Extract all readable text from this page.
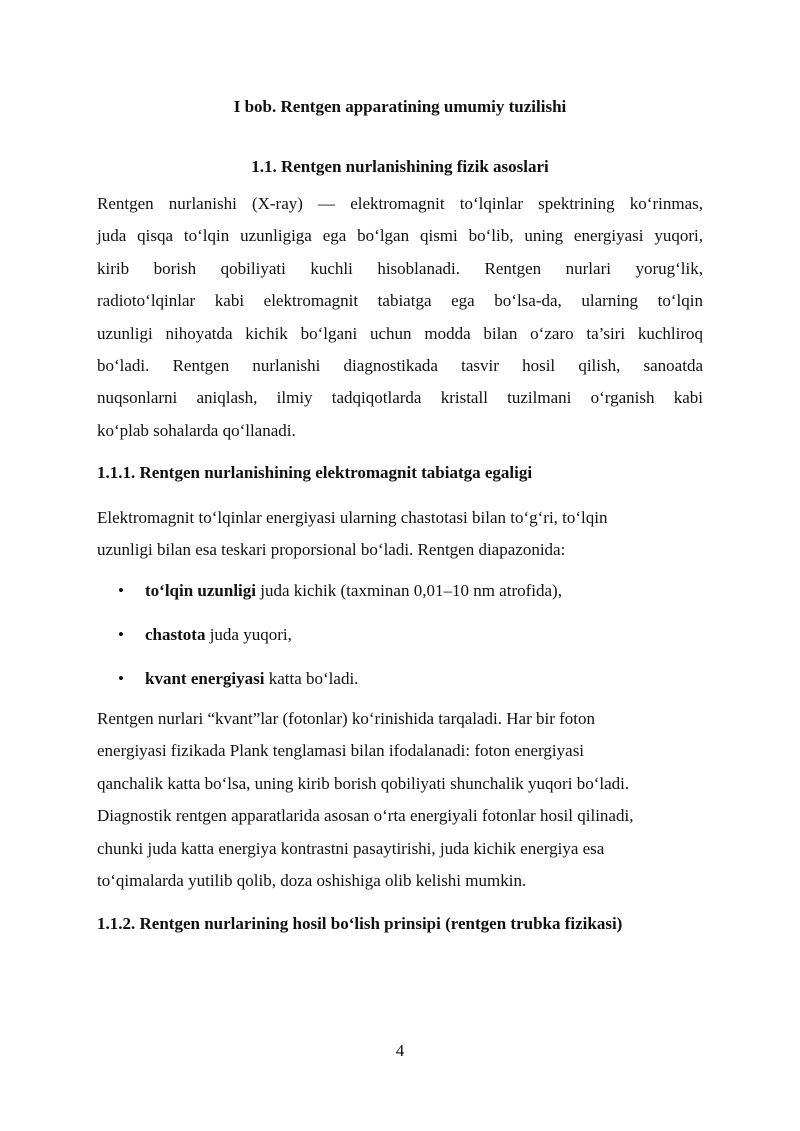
I bob. Rentgen apparatining umumiy tuzilishi
1.1. Rentgen nurlanishining fizik asoslari
Rentgen nurlanishi (X-ray) — elektromagnit to‘lqinlar spektrining ko‘rinmas,
juda qisqa to‘lqin uzunligiga ega bo‘lgan qismi bo‘lib, uning energiyasi yuqori,
kirib borish qobiliyati kuchli hisoblanadi. Rentgen nurlari yorug‘lik,
radioto‘lqinlar kabi elektromagnit tabiatga ega bo‘lsa-da, ularning to‘lqin
uzunligi nihoyatda kichik bo‘lgani uchun modda bilan o‘zaro ta’siri kuchliroq
bo‘ladi. Rentgen nurlanishi diagnostikada tasvir hosil qilish, sanoatda
nuqsonlarni aniqlash, ilmiy tadqiqotlarda kristall tuzilmani o‘rganish kabi
ko‘plab sohalarda qo‘llanadi.
1.1.1. Rentgen nurlanishining elektromagnit tabiatga egaligi
Elektromagnit to‘lqinlar energiyasi ularning chastotasi bilan to‘g‘ri, to‘lqin
uzunligi bilan esa teskari proporsional bo‘ladi. Rentgen diapazonida:
• to‘lqin uzunligi juda kichik (taxminan 0,01–10 nm atrofida),
• chastota juda yuqori,
• kvant energiyasi katta bo‘ladi.
Rentgen nurlari “kvant”lar (fotonlar) ko‘rinishida tarqaladi. Har bir foton
energiyasi fizikada Plank tenglamasi bilan ifodalanadi: foton energiyasi
qanchalik katta bo‘lsa, uning kirib borish qobiliyati shunchalik yuqori bo‘ladi.
Diagnostik rentgen apparatlarida asosan o‘rta energiyali fotonlar hosil qilinadi,
chunki juda katta energiya kontrastni pasaytirishi, juda kichik energiya esa
to‘qimalarda yutilib qolib, doza oshishiga olib kelishi mumkin.
1.1.2. Rentgen nurlarining hosil bo‘lish prinsipi (rentgen trubka fizikasi)
4
